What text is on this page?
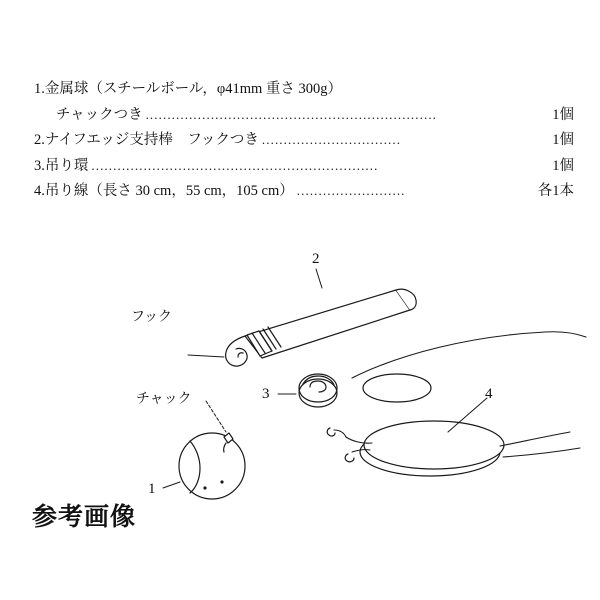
1.金属球（スチールボール，φ41mm 重さ 300g）
チャックつき ...................................................................	1個
2. ナイフエッジ支持棒　フックつき ................................	1個
3. 吊り環 ..................................................................	1個
4. 吊り線（長さ 30 cm，55 cm，105 cm） .........................	各1本
フック
チャック
2
3	4
1
参考画像
